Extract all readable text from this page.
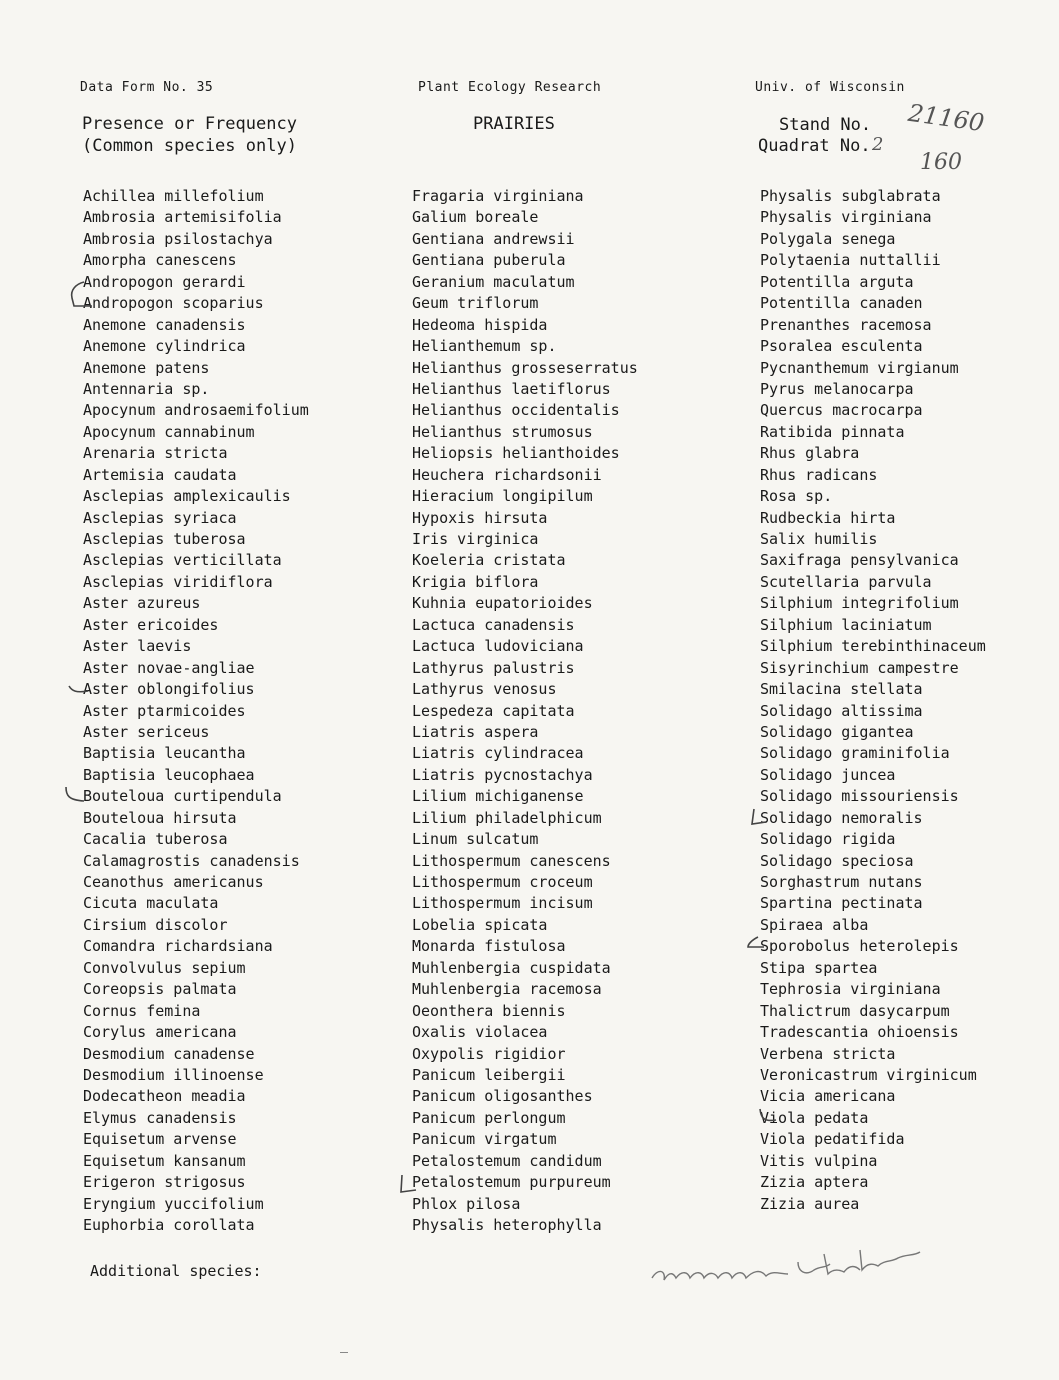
Data Form No. 35	Plant Ecology Research	Univ. of Wisconsin
Presence or Frequency
(Common species only)
PRAIRIES	Stand No.
Quadrat No.
21160
2
160
Achillea millefolium
Ambrosia artemisifolia
Ambrosia psilostachya
Amorpha canescens
Andropogon gerardi
Andropogon scoparius
Anemone canadensis
Anemone cylindrica
Anemone patens
Antennaria sp.
Apocynum androsaemifolium
Apocynum cannabinum
Arenaria stricta
Artemisia caudata
Asclepias amplexicaulis
Asclepias syriaca
Asclepias tuberosa
Asclepias verticillata
Asclepias viridiflora
Aster azureus
Aster ericoides
Aster laevis
Aster novae-angliae
Aster oblongifolius
Aster ptarmicoides
Aster sericeus
Baptisia leucantha
Baptisia leucophaea
Bouteloua curtipendula
Bouteloua hirsuta
Cacalia tuberosa
Calamagrostis canadensis
Ceanothus americanus
Cicuta maculata
Cirsium discolor
Comandra richardsiana
Convolvulus sepium
Coreopsis palmata
Cornus femina
Corylus americana
Desmodium canadense
Desmodium illinoense
Dodecatheon meadia
Elymus canadensis
Equisetum arvense
Equisetum kansanum
Erigeron strigosus
Eryngium yuccifolium
Euphorbia corollata
Fragaria virginiana
Galium boreale
Gentiana andrewsii
Gentiana puberula
Geranium maculatum
Geum triflorum
Hedeoma hispida
Helianthemum sp.
Helianthus grosseserratus
Helianthus laetiflorus
Helianthus occidentalis
Helianthus strumosus
Heliopsis helianthoides
Heuchera richardsonii
Hieracium longipilum
Hypoxis hirsuta
Iris virginica
Koeleria cristata
Krigia biflora
Kuhnia eupatorioides
Lactuca canadensis
Lactuca ludoviciana
Lathyrus palustris
Lathyrus venosus
Lespedeza capitata
Liatris aspera
Liatris cylindracea
Liatris pycnostachya
Lilium michiganense
Lilium philadelphicum
Linum sulcatum
Lithospermum canescens
Lithospermum croceum
Lithospermum incisum
Lobelia spicata
Monarda fistulosa
Muhlenbergia cuspidata
Muhlenbergia racemosa
Oeonthera biennis
Oxalis violacea
Oxypolis rigidior
Panicum leibergii
Panicum oligosanthes
Panicum perlongum
Panicum virgatum
Petalostemum candidum
Petalostemum purpureum
Phlox pilosa
Physalis heterophylla
Physalis subglabrata
Physalis virginiana
Polygala senega
Polytaenia nuttallii
Potentilla arguta
Potentilla canaden
Prenanthes racemosa
Psoralea esculenta
Pycnanthemum virgianum
Pyrus melanocarpa
Quercus macrocarpa
Ratibida pinnata
Rhus glabra
Rhus radicans
Rosa sp.
Rudbeckia hirta
Salix humilis
Saxifraga pensylvanica
Scutellaria parvula
Silphium integrifolium
Silphium laciniatum
Silphium terebinthinaceum
Sisyrinchium campestre
Smilacina stellata
Solidago altissima
Solidago gigantea
Solidago graminifolia
Solidago juncea
Solidago missouriensis
Solidago nemoralis
Solidago rigida
Solidago speciosa
Sorghastrum nutans
Spartina pectinata
Spiraea alba
Sporobolus heterolepis
Stipa spartea
Tephrosia virginiana
Thalictrum dasycarpum
Tradescantia ohioensis
Verbena stricta
Veronicastrum virginicum
Vicia americana
Viola pedata
Viola pedatifida
Vitis vulpina
Zizia aptera
Zizia aurea
Additional species:
